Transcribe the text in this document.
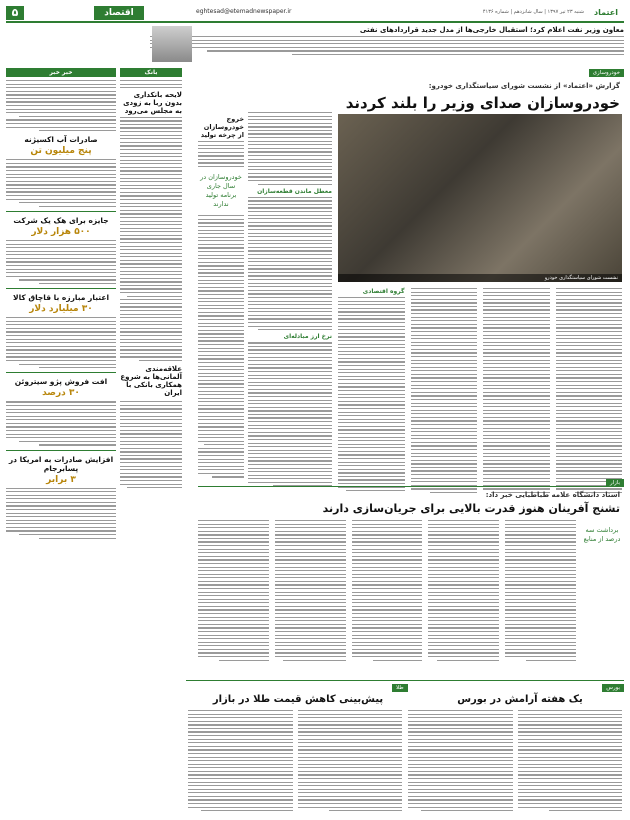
۵	اقتصاد	eghtesad@etemadnewspaper.ir	شنبه ۲۳ تیر ۱۳۹۷ | سال شانزدهم | شماره ۴۱۳۶	اعتماد
معاون وزیر نفت اعلام کرد؛ استقبال خارجی‌ها از مدل جدید قراردادهای نفتی
خبر خبر
صادرات آب اکسیژنه
پنج میلیون تن
جایزه برای هک یک شرکت
۵۰۰ هزار دلار
اعتبار مبارزه با قاچاق کالا
۳۰ میلیارد دلار
افت فروش پژو سیتروئن
۳۰ درصد
افزایش صادرات به امریکا در پسابرجام
۳ برابر
بانک
لایحه بانکداری بدون ربا به زودی به مجلس می‌رود
علاقه‌مندی آلمانی‌ها به شروع همکاری بانکی با ایران
خودروسازی
گزارش «اعتماد» از نشست شورای سیاستگذاری خودرو:
خودروسازان صدای وزیر را بلند کردند
خروج خودروسازان از چرخه تولید
خودروسازان در سال جاری برنامه تولید ندارند
معطل ماندن قطعه‌سازان
نرخ ارز مبادله‌ای
نشست شورای سیاستگذاری خودرو
گروه اقتصادی
بازار
استاد دانشگاه علامه طباطبایی خبر داد:
تشنج آفرینان هنوز قدرت بالایی برای جریان‌سازی دارند
برداشت سه درصد از منابع
طلا
پیش‌بینی کاهش قیمت طلا در بازار
بورس
یک هفته آرامش در بورس
